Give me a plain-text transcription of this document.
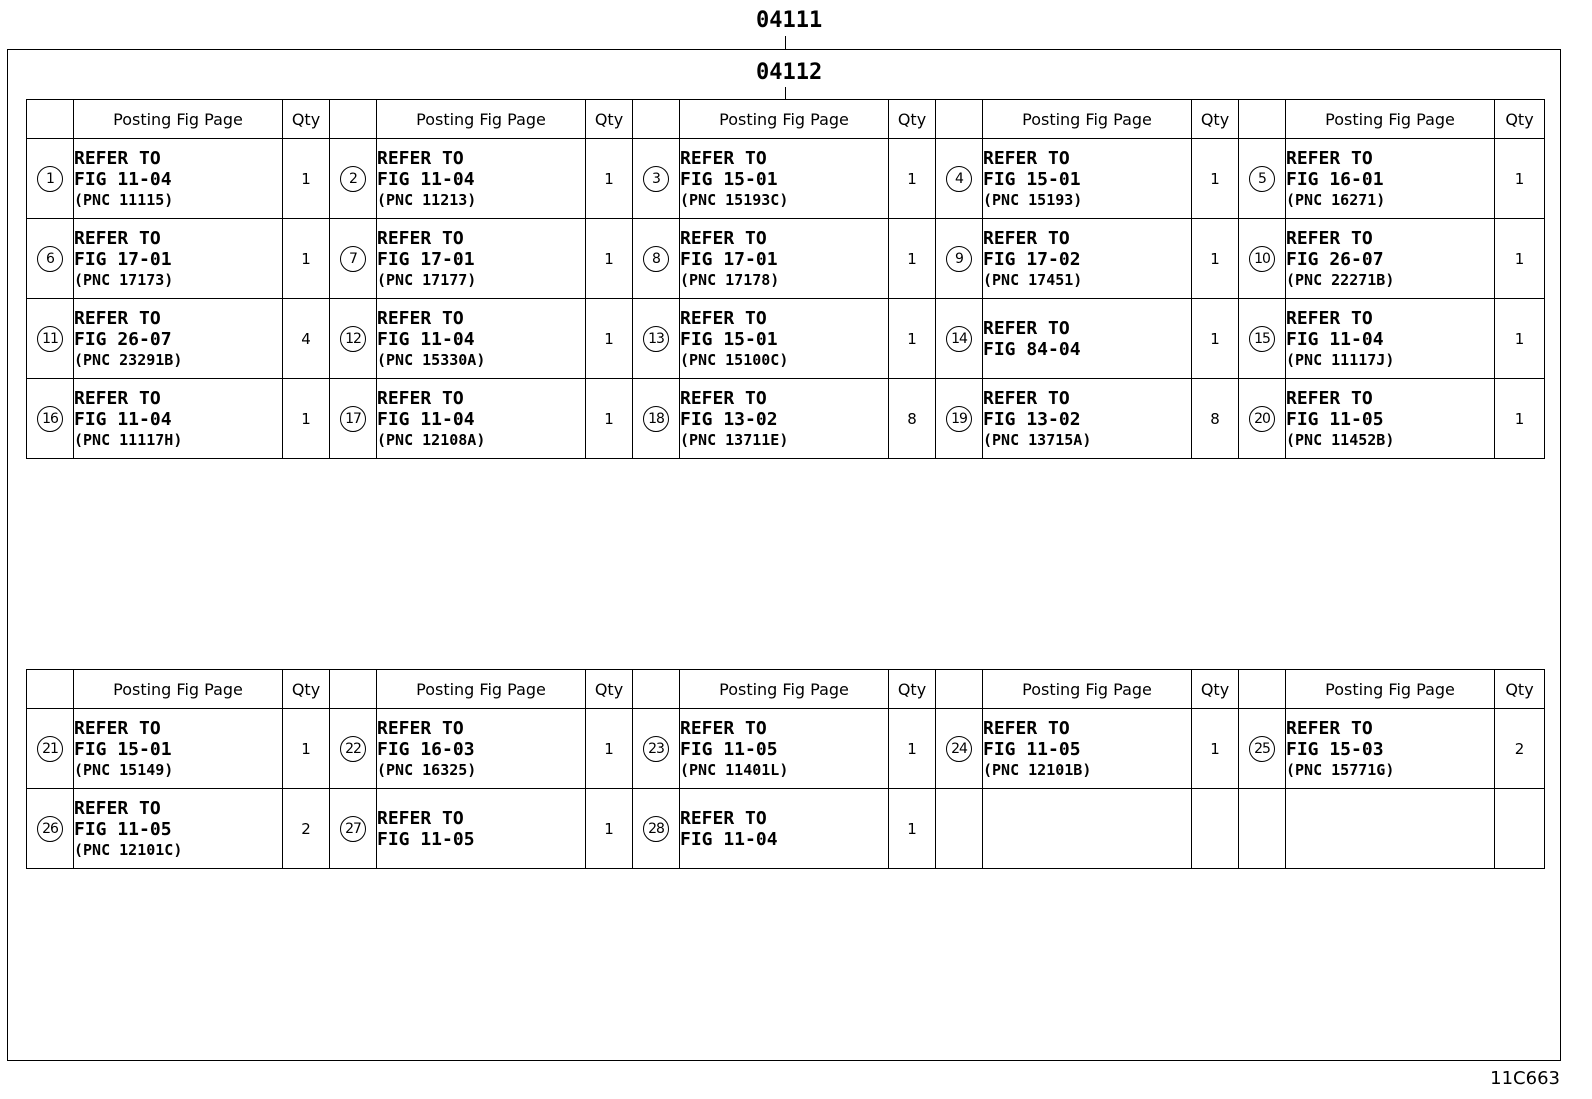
04111
04112
	Posting Fig Page	Qty		Posting Fig Page	Qty		Posting Fig Page	Qty		Posting Fig Page	Qty		Posting Fig Page	Qty
1	REFER TO
FIG 11-04
(PNC 11115)	1	2	REFER TO
FIG 11-04
(PNC 11213)	1	3	REFER TO
FIG 15-01
(PNC 15193C)	1	4	REFER TO
FIG 15-01
(PNC 15193)	1	5	REFER TO
FIG 16-01
(PNC 16271)	1
6	REFER TO
FIG 17-01
(PNC 17173)	1	7	REFER TO
FIG 17-01
(PNC 17177)	1	8	REFER TO
FIG 17-01
(PNC 17178)	1	9	REFER TO
FIG 17-02
(PNC 17451)	1	10	REFER TO
FIG 26-07
(PNC 22271B)	1
11	REFER TO
FIG 26-07
(PNC 23291B)	4	12	REFER TO
FIG 11-04
(PNC 15330A)	1	13	REFER TO
FIG 15-01
(PNC 15100C)	1	14	REFER TO
FIG 84-04	1	15	REFER TO
FIG 11-04
(PNC 11117J)	1
16	REFER TO
FIG 11-04
(PNC 11117H)	1	17	REFER TO
FIG 11-04
(PNC 12108A)	1	18	REFER TO
FIG 13-02
(PNC 13711E)	8	19	REFER TO
FIG 13-02
(PNC 13715A)	8	20	REFER TO
FIG 11-05
(PNC 11452B)	1
	Posting Fig Page	Qty		Posting Fig Page	Qty		Posting Fig Page	Qty		Posting Fig Page	Qty		Posting Fig Page	Qty
21	REFER TO
FIG 15-01
(PNC 15149)	1	22	REFER TO
FIG 16-03
(PNC 16325)	1	23	REFER TO
FIG 11-05
(PNC 11401L)	1	24	REFER TO
FIG 11-05
(PNC 12101B)	1	25	REFER TO
FIG 15-03
(PNC 15771G)	2
26	REFER TO
FIG 11-05
(PNC 12101C)	2	27	REFER TO
FIG 11-05	1	28	REFER TO
FIG 11-04	1						
11C663
